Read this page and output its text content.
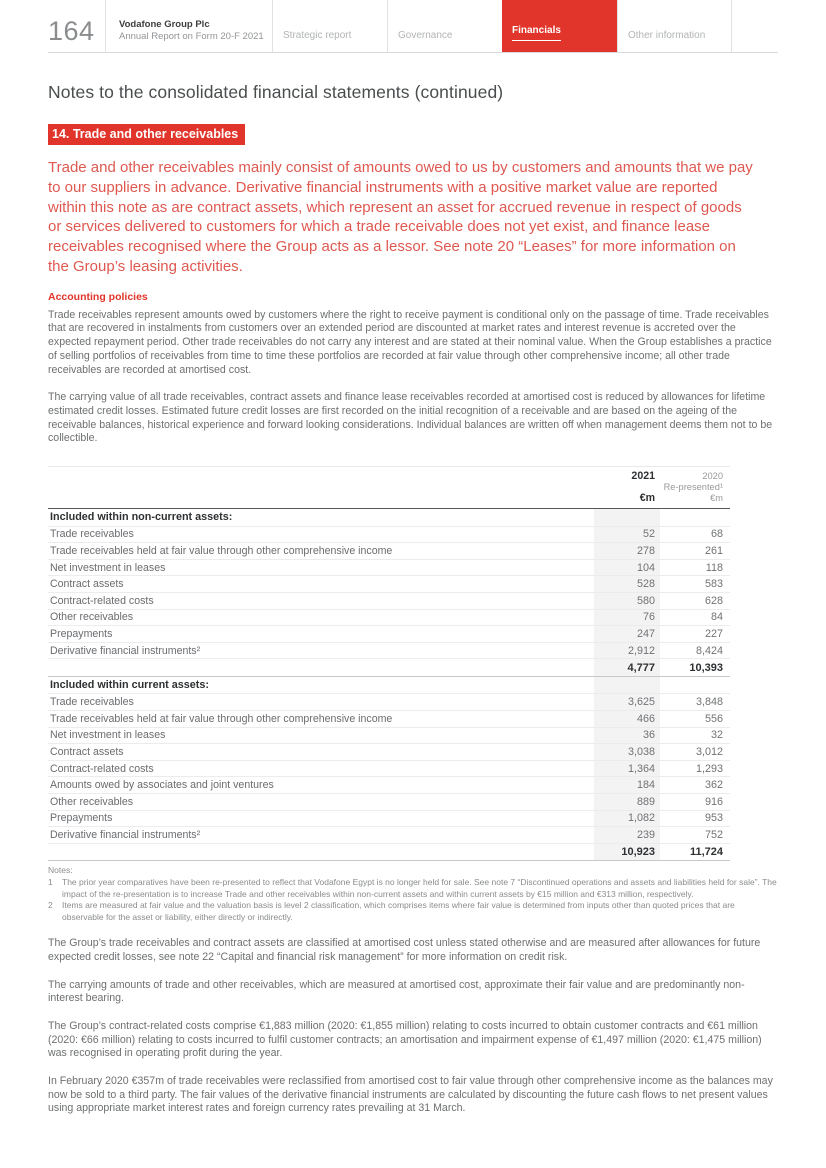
164	Vodafone Group Plc
Annual Report on Form 20-F 2021	Strategic report	Governance	Financials	Other information
Notes to the consolidated financial statements (continued)
14. Trade and other receivables

Trade and other receivables mainly consist of amounts owed to us by customers and amounts that we pay to our suppliers in advance. Derivative financial instruments with a positive market value are reported within this note as are contract assets, which represent an asset for accrued revenue in respect of goods or services delivered to customers for which a trade receivable does not yet exist, and finance lease receivables recognised where the Group acts as a lessor. See note 20 “Leases” for more information on the Group’s leasing activities.

Accounting policies

Trade receivables represent amounts owed by customers where the right to receive payment is conditional only on the passage of time. Trade receivables that are recovered in instalments from customers over an extended period are discounted at market rates and interest revenue is accreted over the expected repayment period. Other trade receivables do not carry any interest and are stated at their nominal value. When the Group establishes a practice of selling portfolios of receivables from time to time these portfolios are recorded at fair value through other comprehensive income; all other trade receivables are recorded at amortised cost.

The carrying value of all trade receivables, contract assets and finance lease receivables recorded at amortised cost is reduced by allowances for lifetime estimated credit losses. Estimated future credit losses are first recorded on the initial recognition of a receivable and are based on the ageing of the receivable balances, historical experience and forward looking considerations. Individual balances are written off when management deems them not to be collectible.

2021	2020
Re-presented¹
€m	€m
Included within non-current assets:
Trade receivables	52	68
Trade receivables held at fair value through other comprehensive income	278	261
Net investment in leases	104	118
Contract assets	528	583
Contract-related costs	580	628
Other receivables	76	84
Prepayments	247	227
Derivative financial instruments²	2,912	8,424
4,777	10,393
Included within current assets:
Trade receivables	3,625	3,848
Trade receivables held at fair value through other comprehensive income	466	556
Net investment in leases	36	32
Contract assets	3,038	3,012
Contract-related costs	1,364	1,293
Amounts owed by associates and joint ventures	184	362
Other receivables	889	916
Prepayments	1,082	953
Derivative financial instruments²	239	752
10,923	11,724
Notes:
1	The prior year comparatives have been re-presented to reflect that Vodafone Egypt is no longer held for sale. See note 7 “Discontinued operations and assets and liabilities held for sale”. The impact of the re-presentation is to increase Trade and other receivables within non-current assets and within current assets by €15 million and €313 million, respectively.
2	Items are measured at fair value and the valuation basis is level 2 classification, which comprises items where fair value is determined from inputs other than quoted prices that are observable for the asset or liability, either directly or indirectly.

The Group’s trade receivables and contract assets are classified at amortised cost unless stated otherwise and are measured after allowances for future expected credit losses, see note 22 “Capital and financial risk management” for more information on credit risk.

The carrying amounts of trade and other receivables, which are measured at amortised cost, approximate their fair value and are predominantly non-interest bearing.

The Group’s contract-related costs comprise €1,883 million (2020: €1,855 million) relating to costs incurred to obtain customer contracts and €61 million (2020: €66 million) relating to costs incurred to fulfil customer contracts; an amortisation and impairment expense of €1,497 million (2020: €1,475 million) was recognised in operating profit during the year.

In February 2020 €357m of trade receivables were reclassified from amortised cost to fair value through other comprehensive income as the balances may now be sold to a third party. The fair values of the derivative financial instruments are calculated by discounting the future cash flows to net present values using appropriate market interest rates and foreign currency rates prevailing at 31 March.
